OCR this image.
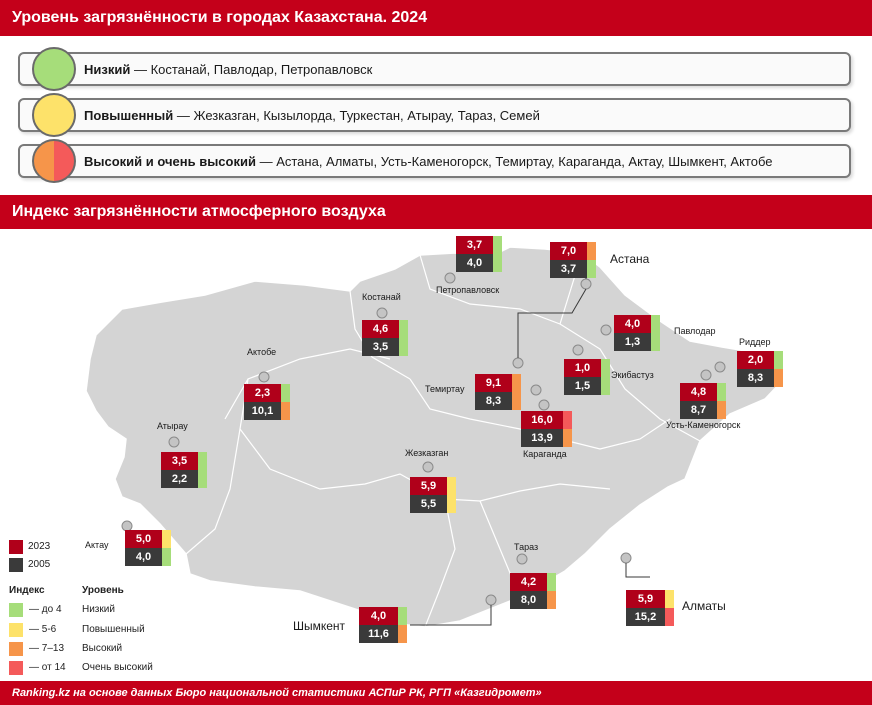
Уровень загрязнённости в городах Казахстана. 2024
Низкий — Костанай, Павлодар, Петропавловск
Повышенный — Жезказган, Кызылорда, Туркестан, Атырау, Тараз, Семей
Высокий и очень высокий — Астана, Алматы, Усть-Каменогорск, Темиртау, Караганда, Актау, Шымкент, Актобе
Индекс загрязнённости атмосферного воздуха
3,7
4,0
Петропавловск
7,0
3,7
Астана
4,6
3,5
Костанай
4,0
1,3
Павлодар
2,0
8,3
Риддер
2,3
10,1
Актобе
1,0
1,5
Экибастуз
9,1
8,3
Темиртау	4,8
8,7
Усть-Каменогорск
16,0
13,9
Караганда
3,5
2,2
Атырау
5,9
5,5
Жезказган
5,0
4,0
Актау
4,2
8,0
Тараз
5,9
15,2
Алматы
4,0
11,6
Шымкент
2023
2005
Индекс	Уровень
— до 4 Низкий
— 5-6	Повышенный
— 7–13 Высокий
— от 14 Очень высокий
Ranking.kz на основе данных Бюро национальной статистики АСПиР РК, РГП «Казгидромет»
